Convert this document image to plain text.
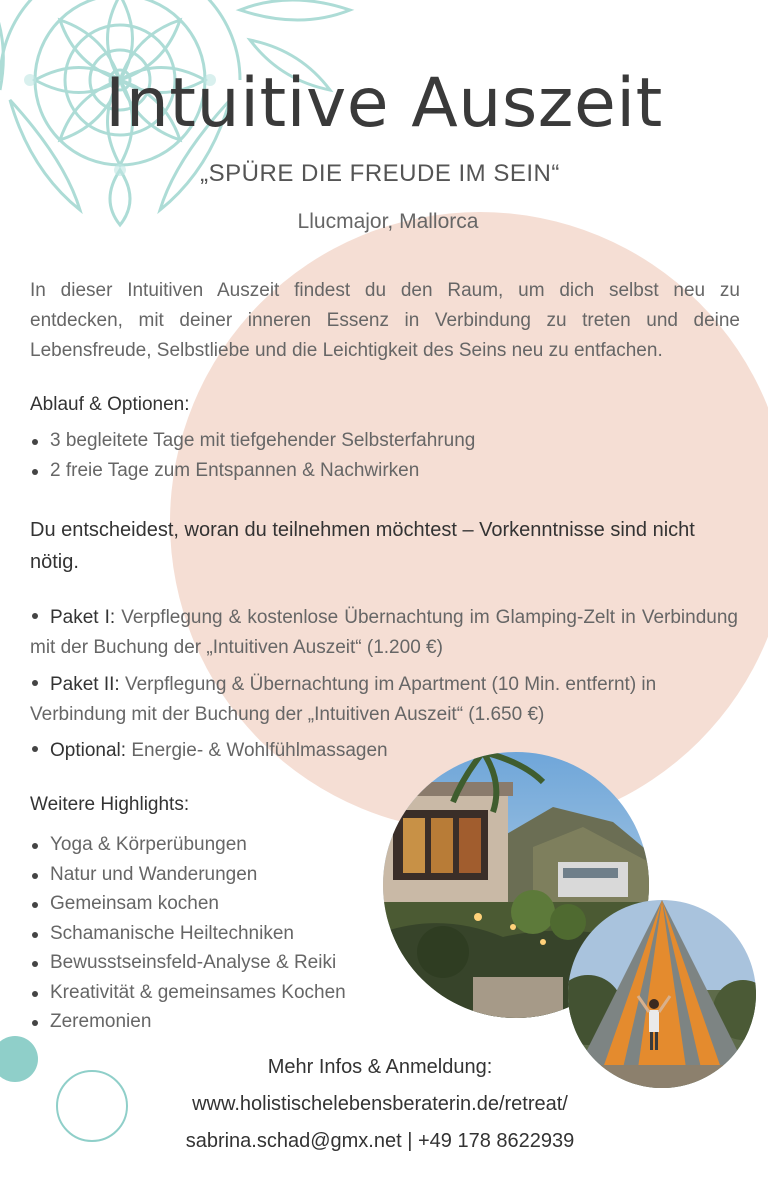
Intuitive Auszeit
„SPÜRE DIE FREUDE IM SEIN“
Llucmajor, Mallorca
In dieser Intuitiven Auszeit findest du den Raum, um dich selbst neu zu
entdecken, mit deiner inneren Essenz in Verbindung zu treten und deine
Lebensfreude, Selbstliebe und die Leichtigkeit des Seins neu zu entfachen.
Ablauf & Optionen:
3 begleitete Tage mit tiefgehender Selbsterfahrung
2 freie Tage zum Entspannen & Nachwirken
Du entscheidest, woran du teilnehmen möchtest – Vorkenntnisse sind nicht nötig.
Paket I: Verpflegung & kostenlose Übernachtung im Glamping-Zelt in Verbindung mit der Buchung der „Intuitiven Auszeit“ (1.200 €)
Paket II: Verpflegung & Übernachtung im Apartment (10 Min. entfernt) in Verbindung mit der Buchung der „Intuitiven Auszeit“ (1.650 €)
Optional: Energie- & Wohlfühlmassagen
Weitere Highlights:
Yoga & Körperübungen
Natur und Wanderungen
Gemeinsam kochen
Schamanische Heiltechniken
Bewusstseinsfeld-Analyse & Reiki
Kreativität & gemeinsames Kochen
Zeremonien
Mehr Infos & Anmeldung:
www.holistischelebensberaterin.de/retreat/
sabrina.schad@gmx.net | +49 178 8622939
